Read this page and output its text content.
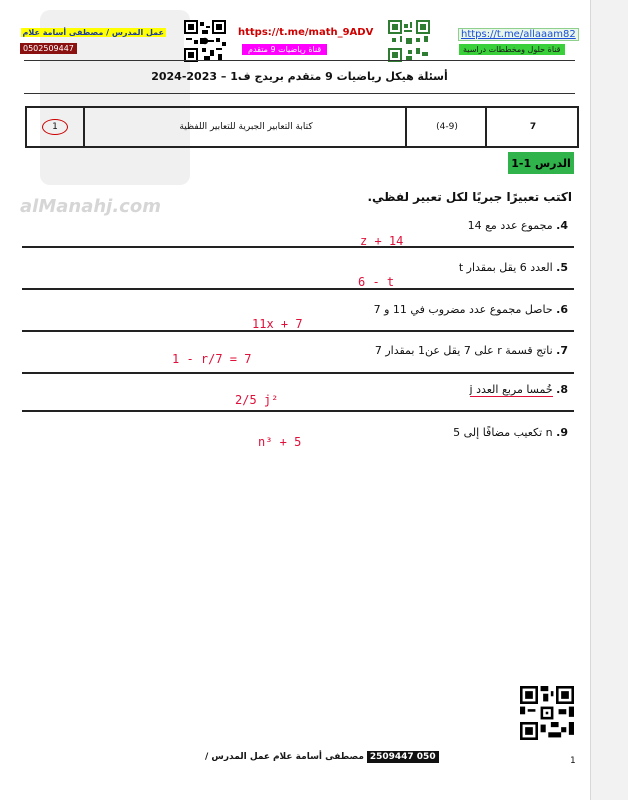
alManahj.com
عمل المدرس / مصطفى أسامة علام
0502509447
https://t.me/math_9ADV
قناة رياضيات 9 متقدم
https://t.me/allaaam82
قناة حلول ومخططات دراسية
أسئلة هيكل رياضيات 9 متقدم بريدج ف1 – 2023-2024
1	كتابة التعابير الجبرية للتعابير اللفظية	(4-9)	7
الدرس 1-1
اكتب تعبيرًا جبريًا لكل تعبير لفظي.
4. مجموع عدد مع 14
5. العدد 6 يقل بمقدار t
6. حاصل مجموع عدد مضروب في 11 و 7
7. ناتج قسمة r على 7 يقل عن1 بمقدار 7
8. خُمسا مربع العدد j
9. n تكعيب مضافًا إلى 5
z + 14
6 - t
11x + 7
1 - r/7 = 7
2/5 j²
n³ + 5
1
050 2509447 مصطفى أسامة علام عمل المدرس /
